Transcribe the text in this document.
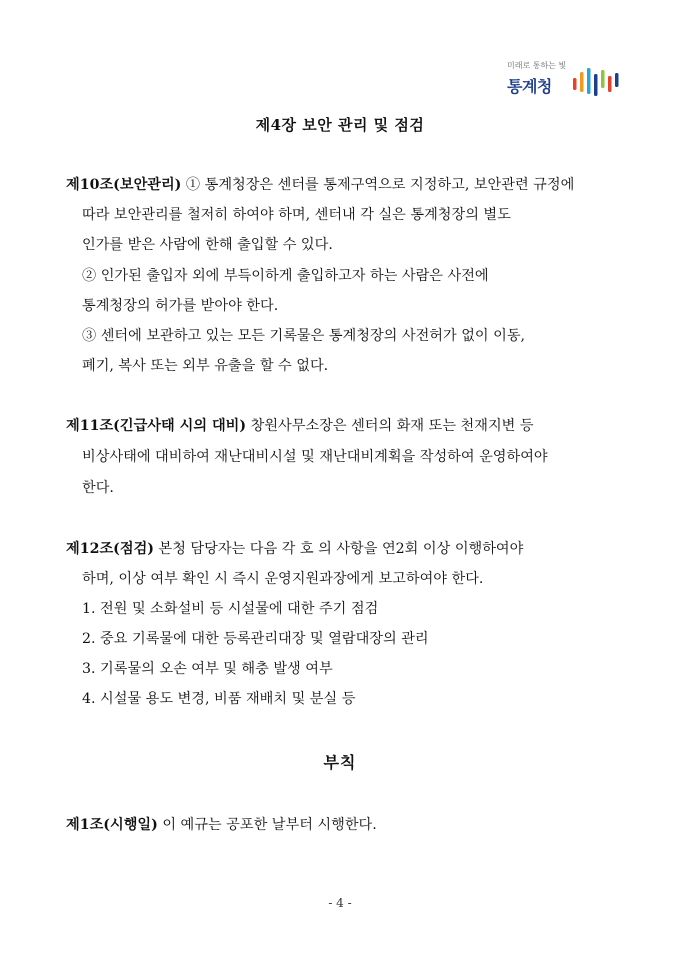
미래로 통하는 빛
통계청
제4장 보안 관리 및 점검
제10조(보안관리) ① 통계청장은 센터를 통제구역으로 지정하고, 보안관련 규정에
따라 보안관리를 철저히 하여야 하며, 센터내 각 실은 통계청장의 별도
인가를 받은 사람에 한해 출입할 수 있다.
② 인가된 출입자 외에 부득이하게 출입하고자 하는 사람은 사전에
통계청장의 허가를 받아야 한다.
③ 센터에 보관하고 있는 모든 기록물은 통계청장의 사전허가 없이 이동,
폐기, 복사 또는 외부 유출을 할 수 없다.
제11조(긴급사태 시의 대비) 창원사무소장은 센터의 화재 또는 천재지변 등
비상사태에 대비하여 재난대비시설 및 재난대비계획을 작성하여 운영하여야
한다.
제12조(점검) 본청 담당자는 다음 각 호 의 사항을 연2회 이상 이행하여야
하며, 이상 여부 확인 시 즉시 운영지원과장에게 보고하여야 한다.
1. 전원 및 소화설비 등 시설물에 대한 주기 점검
2. 중요 기록물에 대한 등록관리대장 및 열람대장의 관리
3. 기록물의 오손 여부 및 해충 발생 여부
4. 시설물 용도 변경, 비품 재배치 및 분실 등
부칙
제1조(시행일) 이 예규는 공포한 날부터 시행한다.
- 4 -
